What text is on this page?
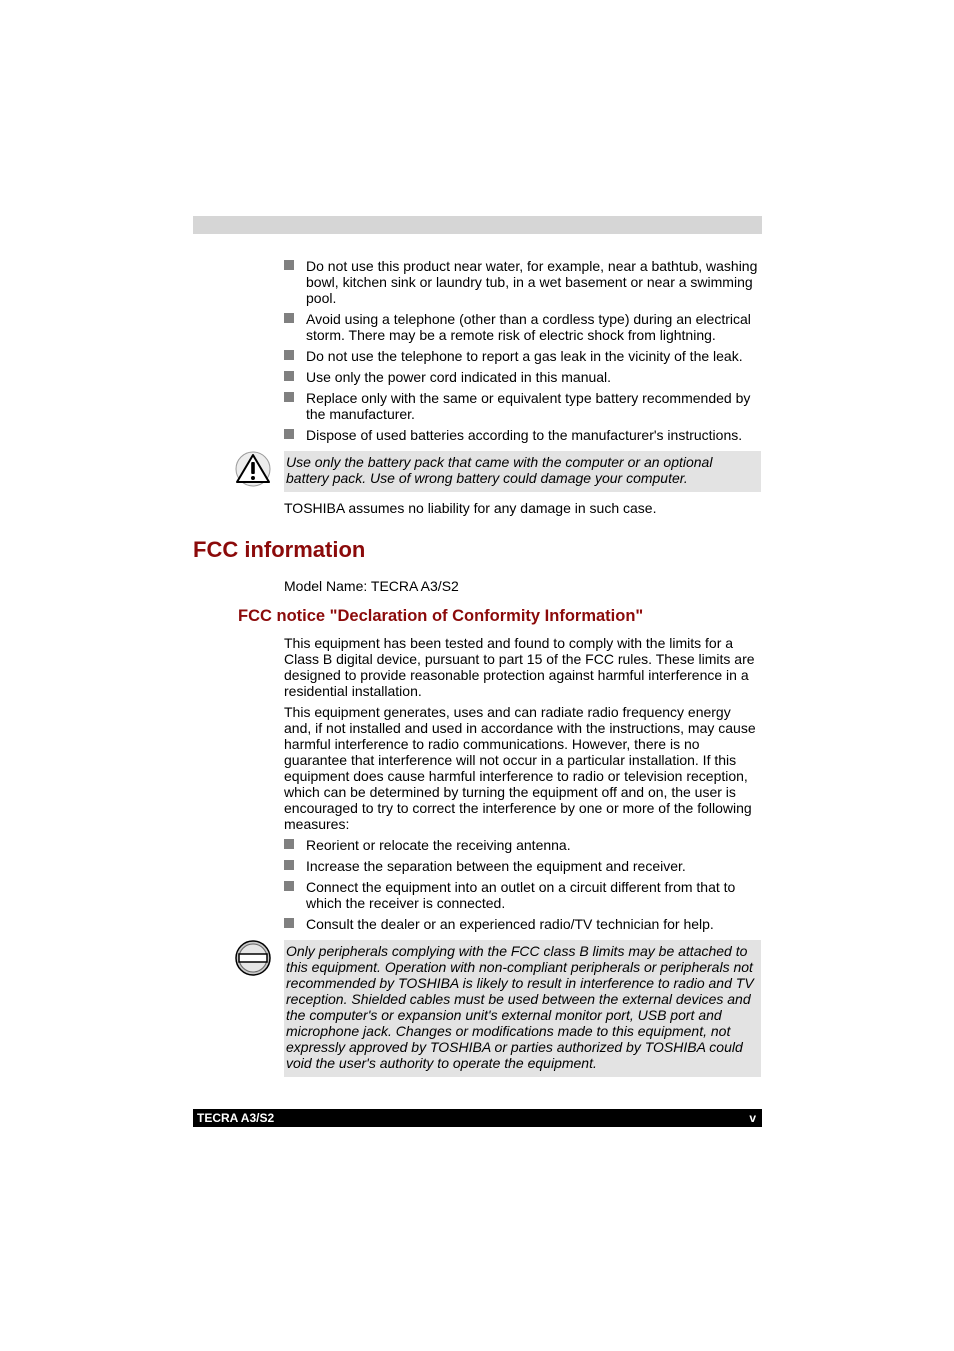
Do not use this product near water, for example, near a bathtub, washing bowl, kitchen sink or laundry tub, in a wet basement or near a swimming pool.
Avoid using a telephone (other than a cordless type) during an electrical storm. There may be a remote risk of electric shock from lightning.
Do not use the telephone to report a gas leak in the vicinity of the leak.
Use only the power cord indicated in this manual.
Replace only with the same or equivalent type battery recommended by the manufacturer.
Dispose of used batteries according to the manufacturer's instructions.
Use only the battery pack that came with the computer or an optional battery pack. Use of wrong battery could damage your computer.

TOSHIBA assumes no liability for any damage in such case.

FCC information

Model Name: TECRA A3/S2

FCC notice "Declaration of Conformity Information"

This equipment has been tested and found to comply with the limits for a Class B digital device, pursuant to part 15 of the FCC rules. These limits are designed to provide reasonable protection against harmful interference in a residential installation.

This equipment generates, uses and can radiate radio frequency energy and, if not installed and used in accordance with the instructions, may cause harmful interference to radio communications. However, there is no guarantee that interference will not occur in a particular installation. If this equipment does cause harmful interference to radio or television reception, which can be determined by turning the equipment off and on, the user is encouraged to try to correct the interference by one or more of the following measures:

Reorient or relocate the receiving antenna.
Increase the separation between the equipment and receiver.
Connect the equipment into an outlet on a circuit different from that to which the receiver is connected.
Consult the dealer or an experienced radio/TV technician for help.
Only peripherals complying with the FCC class B limits may be attached to this equipment. Operation with non-compliant peripherals or peripherals not recommended by TOSHIBA is likely to result in interference to radio and TV reception. Shielded cables must be used between the external devices and the computer's or expansion unit's external monitor port, USB port and microphone jack. Changes or modifications made to this equipment, not expressly approved by TOSHIBA or parties authorized by TOSHIBA could void the user's authority to operate the equipment.
TECRA A3/S2	v
